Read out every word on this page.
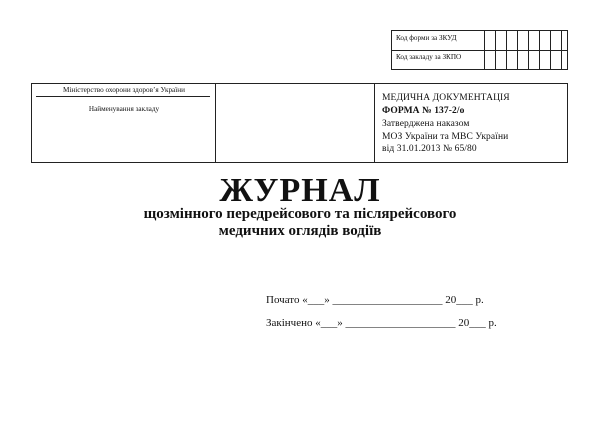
Код форми за ЗКУД
Код закладу за ЗКПО
Міністерство охорони здоров’я України
Найменування закладу
МЕДИЧНА ДОКУМЕНТАЦІЯ
ФОРМА № 137-2/о
Затверджена наказом
МОЗ України та МВС України
від 31.01.2013 № 65/80
ЖУРНАЛ
щозмінного передрейсового та післярейсового
медичних оглядів водіїв
Почато «___» ____________________ 20___ р.
Закінчено «___» ____________________ 20___ р.
